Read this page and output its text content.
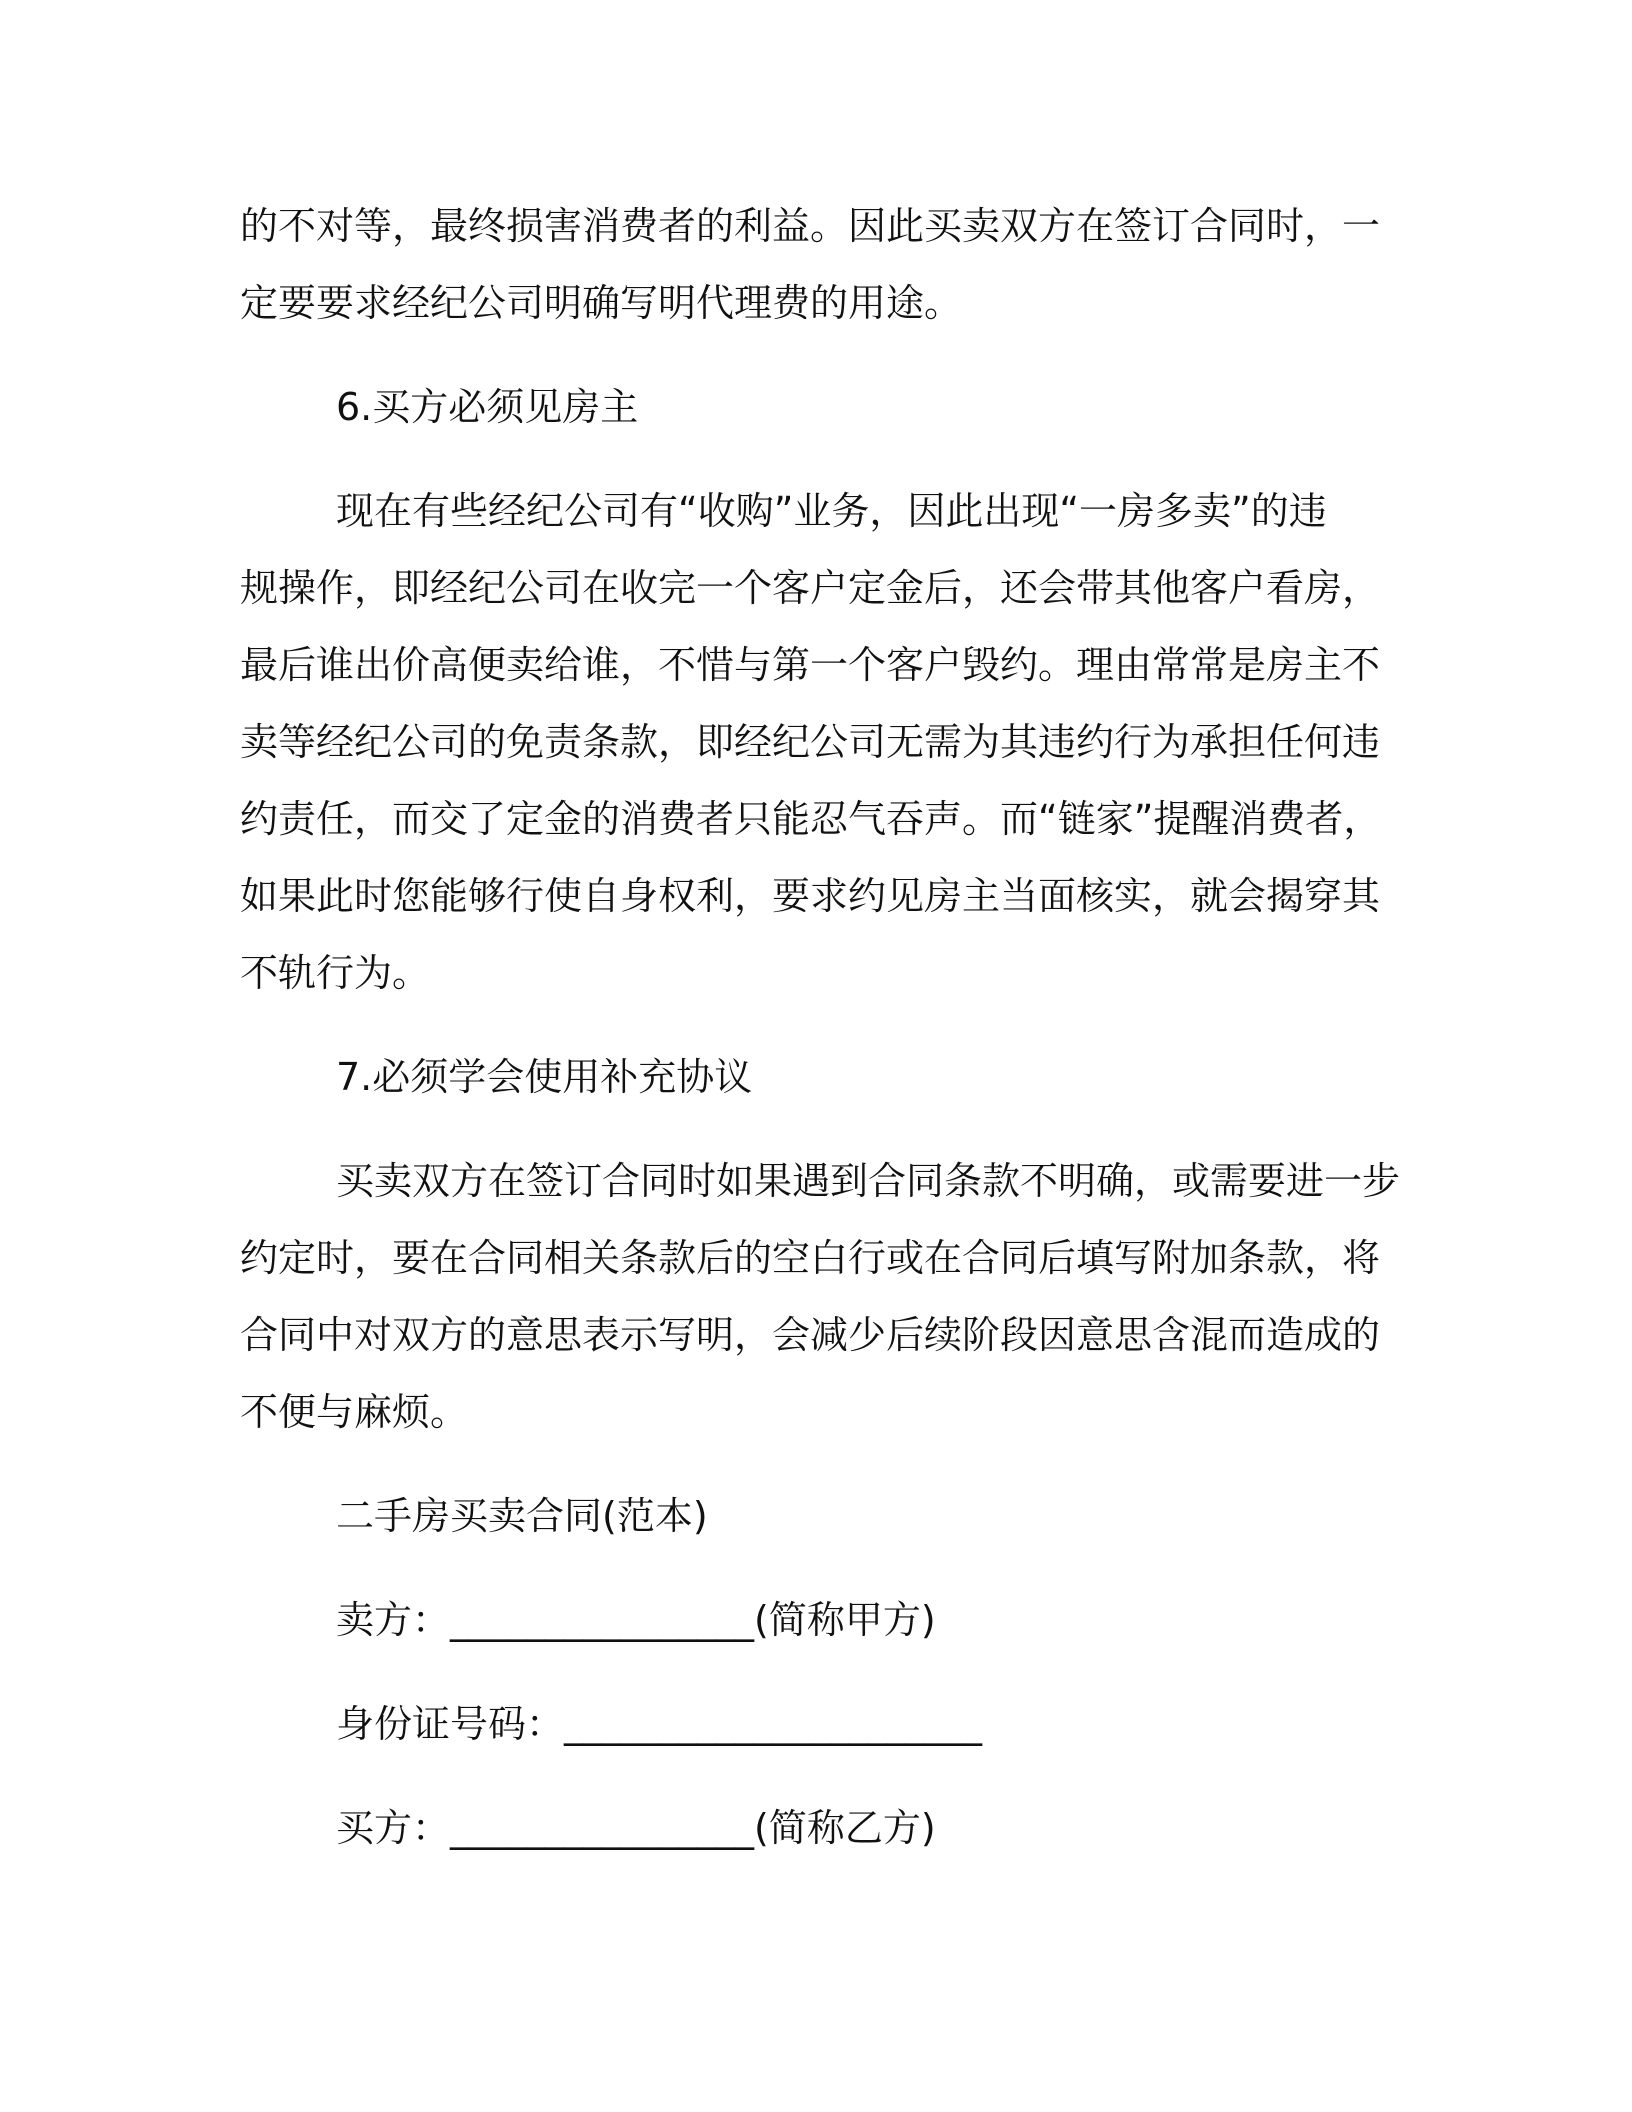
的不对等，最终损害消费者的利益。因此买卖双方在签订合同时，一
定要要求经纪公司明确写明代理费的用途。

6.买方必须见房主

现在有些经纪公司有“收购”业务，因此出现“一房多卖”的违
规操作，即经纪公司在收完一个客户定金后，还会带其他客户看房，
最后谁出价高便卖给谁，不惜与第一个客户毁约。理由常常是房主不
卖等经纪公司的免责条款，即经纪公司无需为其违约行为承担任何违
约责任，而交了定金的消费者只能忍气吞声。而“链家”提醒消费者，
如果此时您能够行使自身权利，要求约见房主当面核实，就会揭穿其
不轨行为。

7.必须学会使用补充协议

买卖双方在签订合同时如果遇到合同条款不明确，或需要进一步
约定时，要在合同相关条款后的空白行或在合同后填写附加条款，将
合同中对双方的意思表示写明，会减少后续阶段因意思含混而造成的
不便与麻烦。

二手房买卖合同(范本)

卖方：________________(简称甲方)

身份证号码：______________________

买方：________________(简称乙方)
